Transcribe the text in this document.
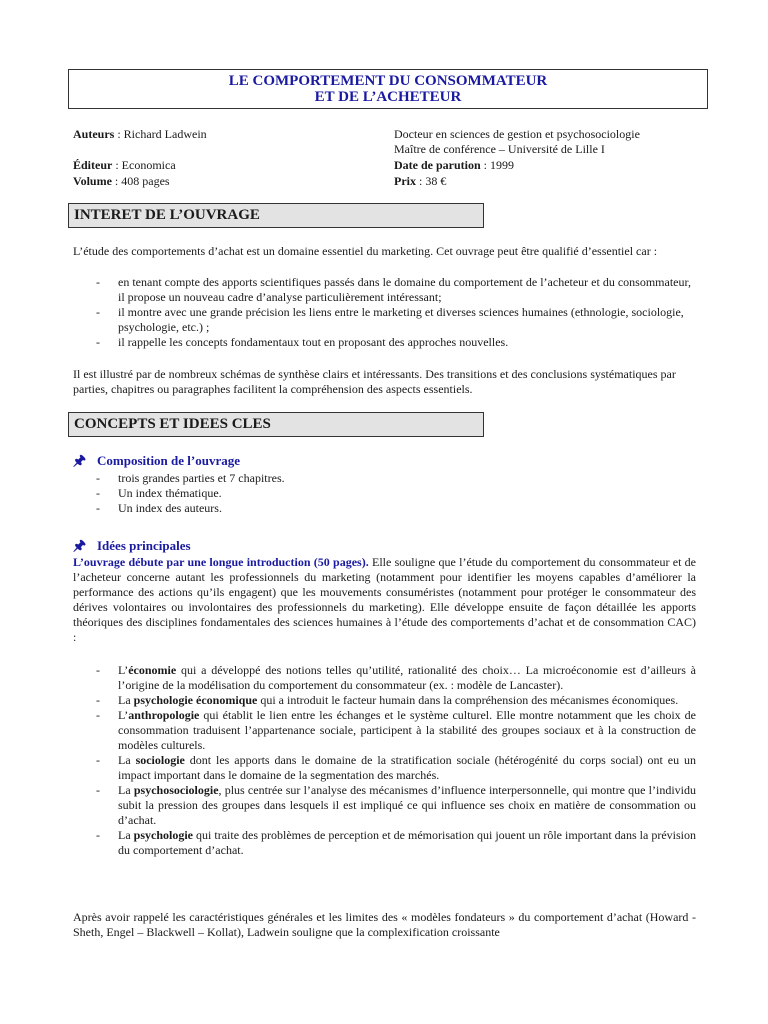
LE COMPORTEMENT DU CONSOMMATEUR
ET DE L’ACHETEUR
Auteurs : Richard Ladwein
Éditeur : Economica
Volume : 408 pages
Docteur en sciences de gestion et psychosociologie
Maître de conférence – Université de Lille I
Date de parution : 1999
Prix : 38 €
INTERET DE L’OUVRAGE
L’étude des comportements d’achat est un domaine essentiel du marketing. Cet ouvrage peut être qualifié d’essentiel car :
- en tenant compte des apports scientifiques passés dans le domaine du comportement de l’acheteur et du consommateur, il propose un nouveau cadre d’analyse particulièrement intéressant;
- il montre avec une grande précision les liens entre le marketing et diverses sciences humaines (ethnologie, sociologie, psychologie, etc.) ;
- il rappelle les concepts fondamentaux tout en proposant des approches nouvelles.
Il est illustré par de nombreux schémas de synthèse clairs et intéressants. Des transitions et des conclusions systématiques par parties, chapitres ou paragraphes facilitent la compréhension des aspects essentiels.
CONCEPTS ET IDEES CLES
🖈 Composition de l’ouvrage
- trois grandes parties et 7 chapitres.
- Un index thématique.
- Un index des auteurs.
🖈 Idées principales
L’ouvrage débute par une longue introduction (50 pages). Elle souligne que l’étude du comportement du consommateur et de l’acheteur concerne autant les professionnels du marketing (notamment pour identifier les moyens capables d’améliorer la performance des actions qu’ils engagent) que les mouvements consuméristes (notamment pour protéger le consommateur des dérives volontaires ou involontaires des professionnels du marketing). Elle développe ensuite de façon détaillée les apports théoriques des disciplines fondamentales des sciences humaines à l’étude des comportements d’achat et de consommation CAC) :
- L’économie qui a développé des notions telles qu’utilité, rationalité des choix… La microéconomie est d’ailleurs à l’origine de la modélisation du comportement du consommateur (ex. : modèle de Lancaster).
- La psychologie économique qui a introduit le facteur humain dans la compréhension des mécanismes économiques.
- L’anthropologie qui établit le lien entre les échanges et le système culturel. Elle montre notamment que les choix de consommation traduisent l’appartenance sociale, participent à la stabilité des groupes sociaux et à la construction de modèles culturels.
- La sociologie dont les apports dans le domaine de la stratification sociale (hétérogénité du corps social) ont eu un impact important dans le domaine de la segmentation des marchés.
- La psychosociologie, plus centrée sur l’analyse des mécanismes d’influence interpersonnelle, qui montre que l’individu subit la pression des groupes dans lesquels il est impliqué ce qui influence ses choix en matière de consommation ou d’achat.
- La psychologie qui traite des problèmes de perception et de mémorisation qui jouent un rôle important dans la prévision du comportement d’achat.
Après avoir rappelé les caractéristiques générales et les limites des « modèles fondateurs » du comportement d’achat (Howard - Sheth, Engel – Blackwell – Kollat), Ladwein souligne que la complexification croissante
